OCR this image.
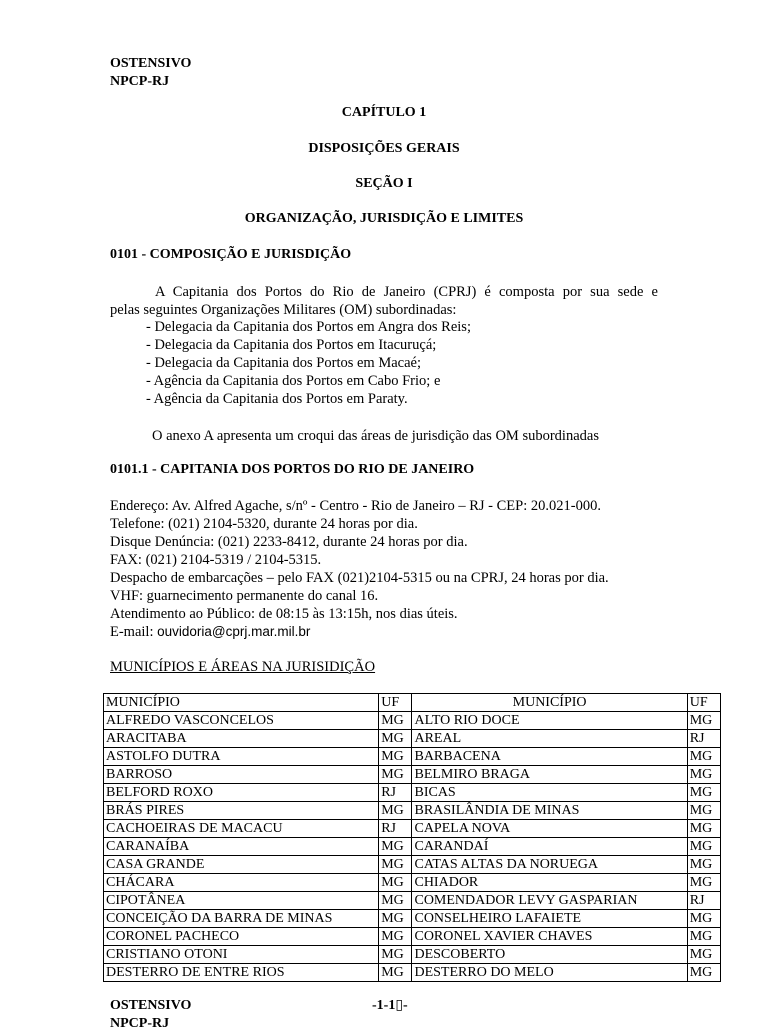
OSTENSIVO
NPCP-RJ
CAPÍTULO 1
DISPOSIÇÕES GERAIS
SEÇÃO I
ORGANIZAÇÃO, JURISDIÇÃO E LIMITES
0101 - COMPOSIÇÃO E JURISDIÇÃO
A Capitania dos Portos do Rio de Janeiro (CPRJ) é composta por sua sede e
pelas seguintes Organizações Militares (OM) subordinadas:
- Delegacia da Capitania dos Portos em Angra dos Reis;
- Delegacia da Capitania dos Portos em Itacuruçá;
- Delegacia da Capitania dos Portos em Macaé;
- Agência da Capitania dos Portos em Cabo Frio; e
- Agência da Capitania dos Portos em Paraty.
O anexo A apresenta um croqui das áreas de jurisdição das OM subordinadas
0101.1 - CAPITANIA DOS PORTOS DO RIO DE JANEIRO
Endereço: Av. Alfred Agache, s/nº - Centro - Rio de Janeiro – RJ - CEP: 20.021-000.
Telefone: (021) 2104-5320, durante 24 horas por dia.
Disque Denúncia: (021) 2233-8412, durante 24 horas por dia.
FAX: (021) 2104-5319 / 2104-5315.
Despacho de embarcações – pelo FAX (021)2104-5315 ou na CPRJ, 24 horas por dia.
VHF: guarnecimento permanente do canal 16.
Atendimento ao Público: de 08:15 às 13:15h, nos dias úteis.
E-mail: ouvidoria@cprj.mar.mil.br
MUNICÍPIOS E ÁREAS NA JURISIDIÇÃO
MUNICÍPIO	UF	MUNICÍPIO	UF
ALFREDO VASCONCELOS	MG	ALTO RIO DOCE	MG
ARACITABA	MG	AREAL	RJ
ASTOLFO DUTRA	MG	BARBACENA	MG
BARROSO	MG	BELMIRO BRAGA	MG
BELFORD ROXO	RJ	BICAS	MG
BRÁS PIRES	MG	BRASILÂNDIA DE MINAS	MG
CACHOEIRAS DE MACACU	RJ	CAPELA NOVA	MG
CARANAÍBA	MG	CARANDAÍ	MG
CASA GRANDE	MG	CATAS ALTAS DA NORUEGA	MG
CHÁCARA	MG	CHIADOR	MG
CIPOTÂNEA	MG	COMENDADOR LEVY GASPARIAN	RJ
CONCEIÇÃO DA BARRA DE MINAS	MG	CONSELHEIRO LAFAIETE	MG
CORONEL PACHECO	MG	CORONEL XAVIER CHAVES	MG
CRISTIANO OTONI	MG	DESCOBERTO	MG
DESTERRO DE ENTRE RIOS	MG	DESTERRO DO MELO	MG
OSTENSIVO	-1-1▯-
NPCP-RJ
